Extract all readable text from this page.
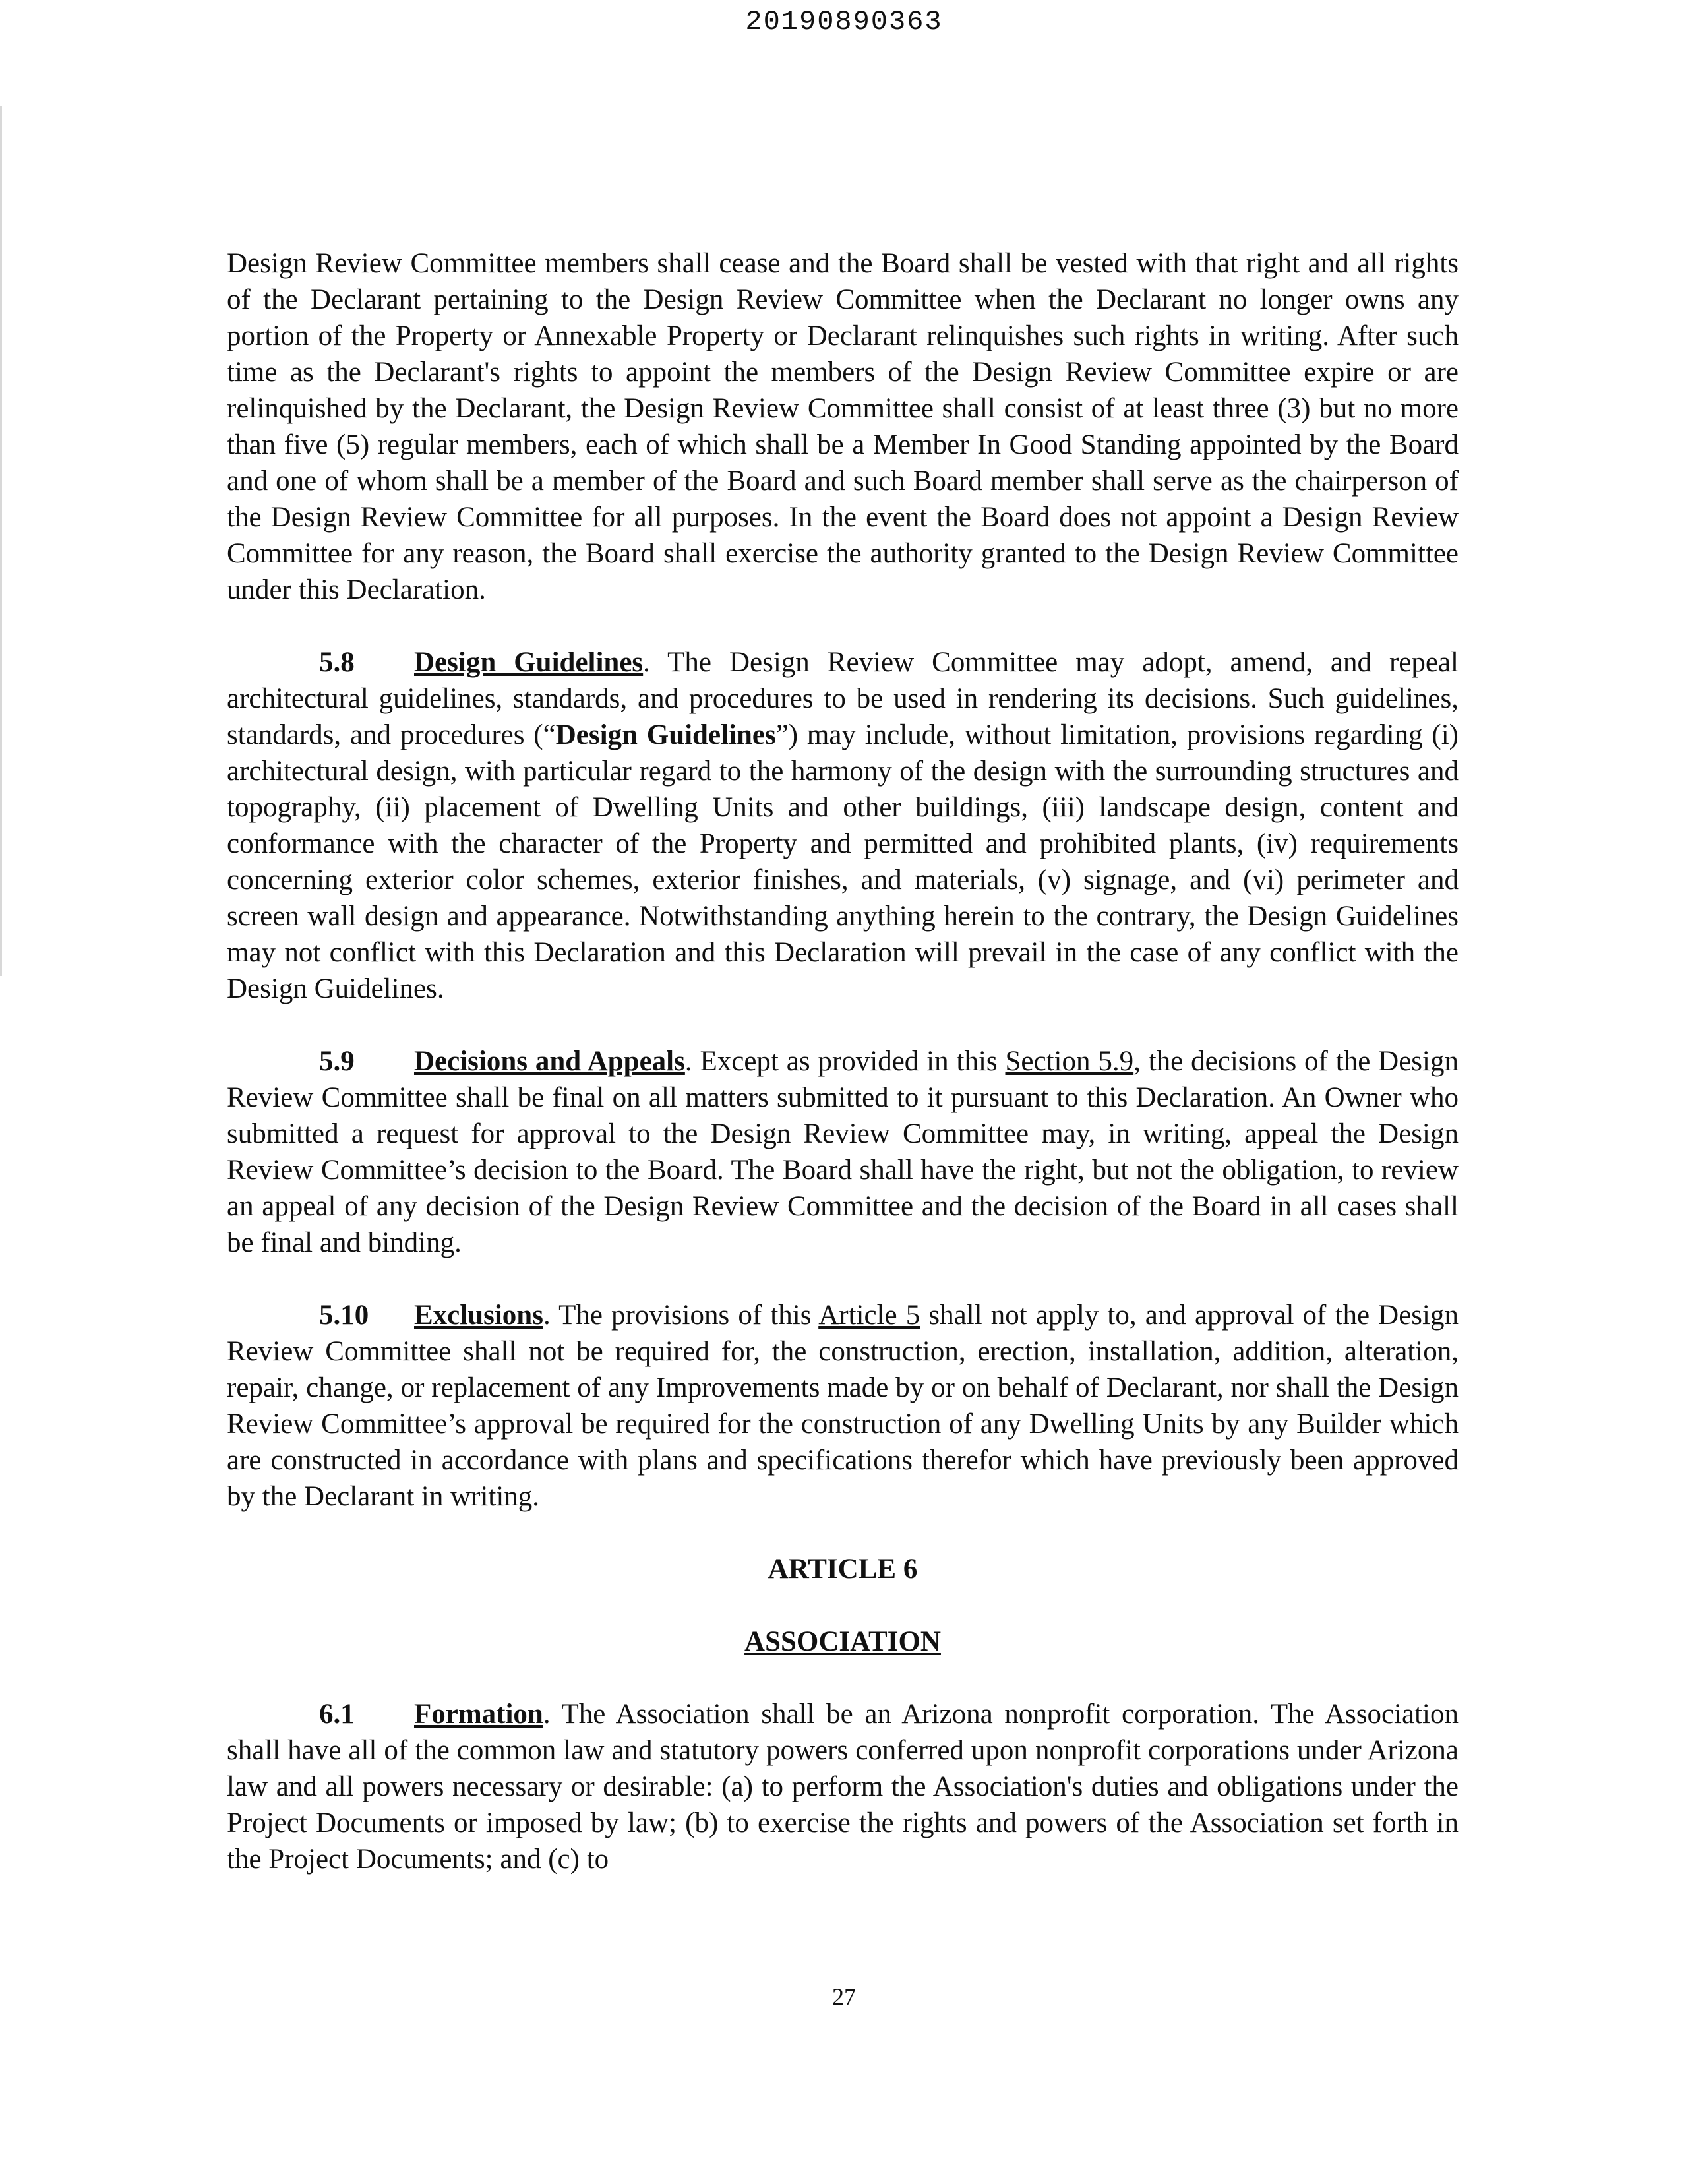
20190890363

Design Review Committee members shall cease and the Board shall be vested with that right and all rights of the Declarant pertaining to the Design Review Committee when the Declarant no longer owns any portion of the Property or Annexable Property or Declarant relinquishes such rights in writing. After such time as the Declarant's rights to appoint the members of the Design Review Committee expire or are relinquished by the Declarant, the Design Review Committee shall consist of at least three (3) but no more than five (5) regular members, each of which shall be a Member In Good Standing appointed by the Board and one of whom shall be a member of the Board and such Board member shall serve as the chairperson of the Design Review Committee for all purposes. In the event the Board does not appoint a Design Review Committee for any reason, the Board shall exercise the authority granted to the Design Review Committee under this Declaration.

5.8 Design Guidelines. The Design Review Committee may adopt, amend, and repeal architectural guidelines, standards, and procedures to be used in rendering its decisions. Such guidelines, standards, and procedures (“Design Guidelines”) may include, without limitation, provisions regarding (i) architectural design, with particular regard to the harmony of the design with the surrounding structures and topography, (ii) placement of Dwelling Units and other buildings, (iii) landscape design, content and conformance with the character of the Property and permitted and prohibited plants, (iv) requirements concerning exterior color schemes, exterior finishes, and materials, (v) signage, and (vi) perimeter and screen wall design and appearance. Notwithstanding anything herein to the contrary, the Design Guidelines may not conflict with this Declaration and this Declaration will prevail in the case of any conflict with the Design Guidelines.

5.9 Decisions and Appeals. Except as provided in this Section 5.9, the decisions of the Design Review Committee shall be final on all matters submitted to it pursuant to this Declaration. An Owner who submitted a request for approval to the Design Review Committee may, in writing, appeal the Design Review Committee’s decision to the Board. The Board shall have the right, but not the obligation, to review an appeal of any decision of the Design Review Committee and the decision of the Board in all cases shall be final and binding.

5.10 Exclusions. The provisions of this Article 5 shall not apply to, and approval of the Design Review Committee shall not be required for, the construction, erection, installation, addition, alteration, repair, change, or replacement of any Improvements made by or on behalf of Declarant, nor shall the Design Review Committee’s approval be required for the construction of any Dwelling Units by any Builder which are constructed in accordance with plans and specifications therefor which have previously been approved by the Declarant in writing.

ARTICLE 6
ASSOCIATION

6.1 Formation. The Association shall be an Arizona nonprofit corporation. The Association shall have all of the common law and statutory powers conferred upon nonprofit corporations under Arizona law and all powers necessary or desirable: (a) to perform the Association's duties and obligations under the Project Documents or imposed by law; (b) to exercise the rights and powers of the Association set forth in the Project Documents; and (c) to

27
